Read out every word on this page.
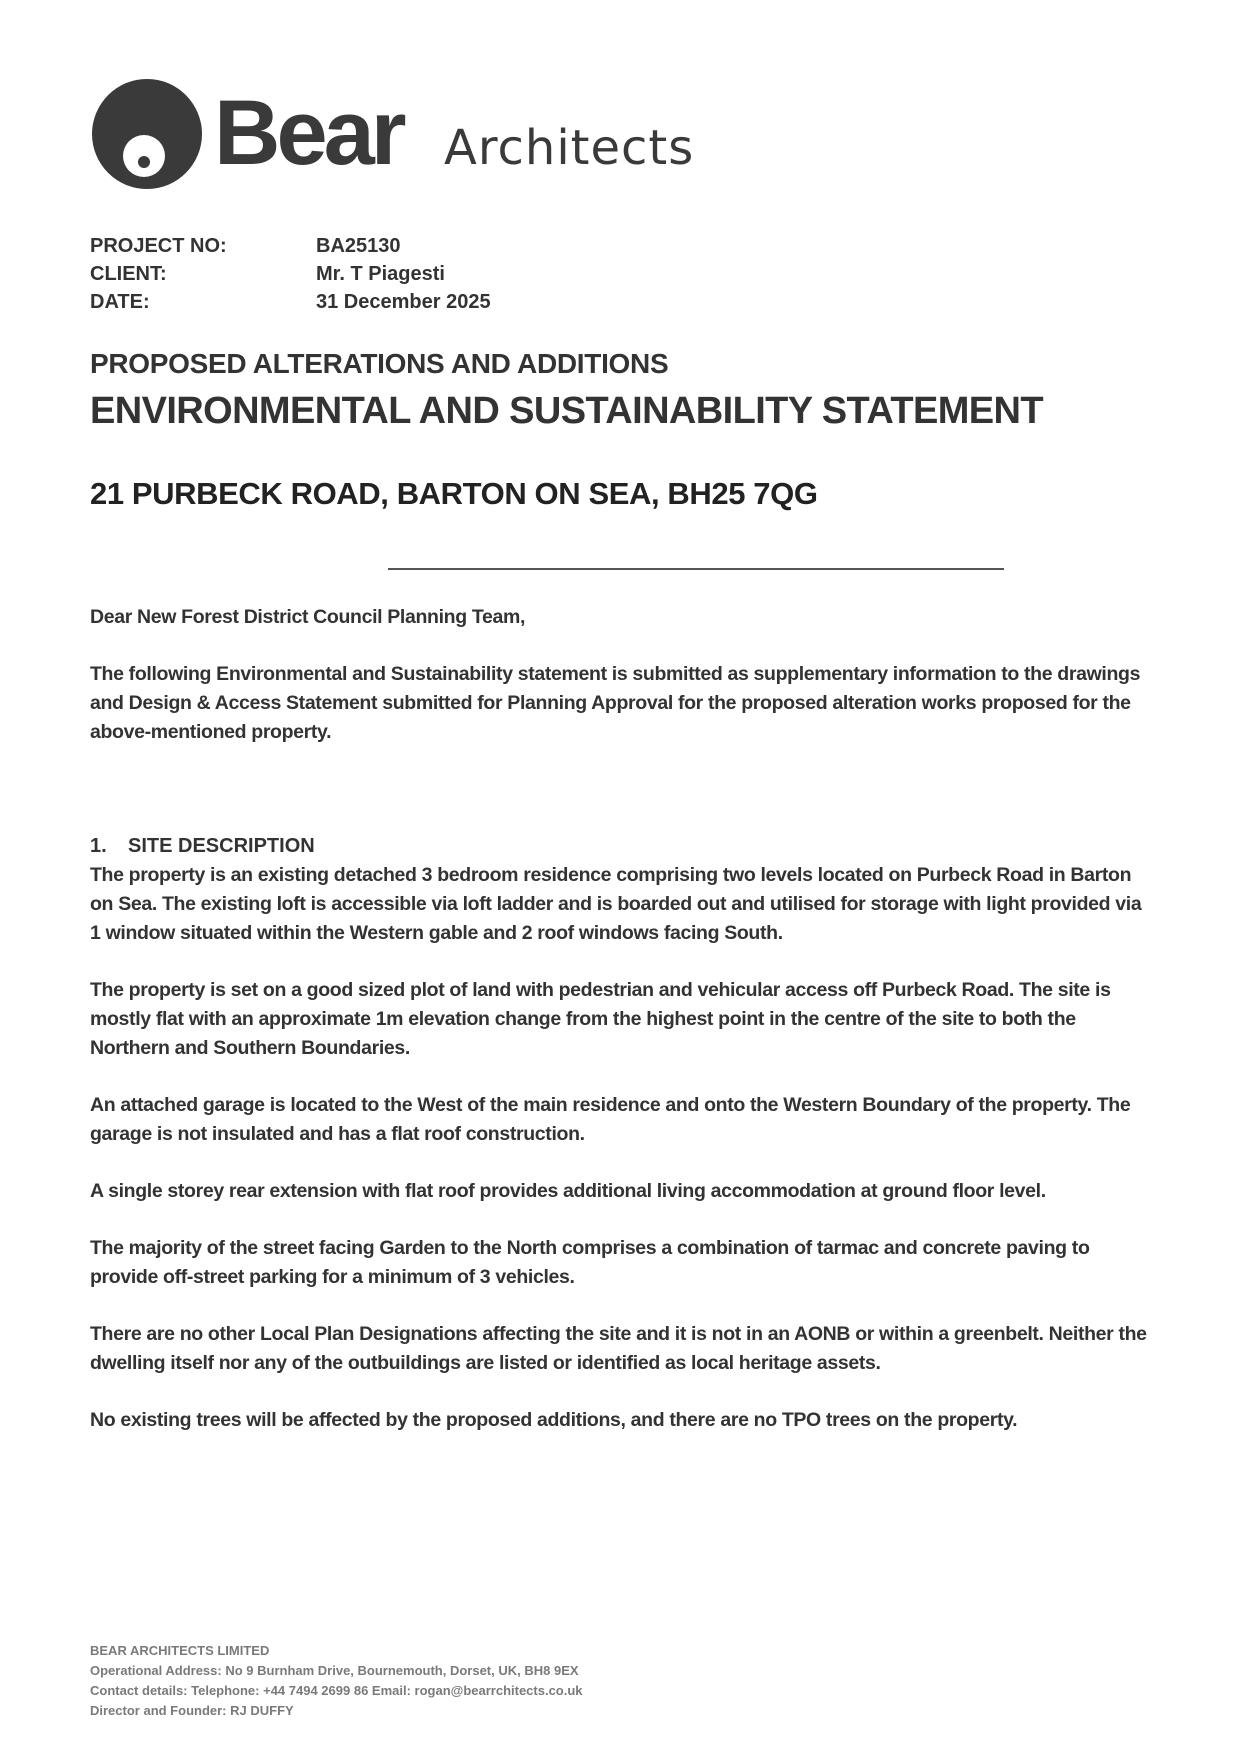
Bear Architects
PROJECT NO:	BA25130
CLIENT:	Mr. T Piagesti
DATE:	31 December 2025
PROPOSED ALTERATIONS AND ADDITIONS
ENVIRONMENTAL AND SUSTAINABILITY STATEMENT
21 PURBECK ROAD, BARTON ON SEA, BH25 7QG
Dear New Forest District Council Planning Team,
The following Environmental and Sustainability statement is submitted as supplementary information to the drawings and Design & Access Statement submitted for Planning Approval for the proposed alteration works proposed for the above-mentioned property.
1. SITE DESCRIPTION

The property is an existing detached 3 bedroom residence comprising two levels located on Purbeck Road in Barton on Sea. The existing loft is accessible via loft ladder and is boarded out and utilised for storage with light provided via 1 window situated within the Western gable and 2 roof windows facing South.

The property is set on a good sized plot of land with pedestrian and vehicular access off Purbeck Road. The site is mostly flat with an approximate 1m elevation change from the highest point in the centre of the site to both the Northern and Southern Boundaries.

An attached garage is located to the West of the main residence and onto the Western Boundary of the property. The garage is not insulated and has a flat roof construction.

A single storey rear extension with flat roof provides additional living accommodation at ground floor level.

The majority of the street facing Garden to the North comprises a combination of tarmac and concrete paving to provide off-street parking for a minimum of 3 vehicles.

There are no other Local Plan Designations affecting the site and it is not in an AONB or within a greenbelt. Neither the dwelling itself nor any of the outbuildings are listed or identified as local heritage assets.

No existing trees will be affected by the proposed additions, and there are no TPO trees on the property.

BEAR ARCHITECTS LIMITED
Operational Address: No 9 Burnham Drive, Bournemouth, Dorset, UK, BH8 9EX
Contact details: Telephone: +44 7494 2699 86 Email: rogan@bearrchitects.co.uk
Director and Founder: RJ DUFFY
